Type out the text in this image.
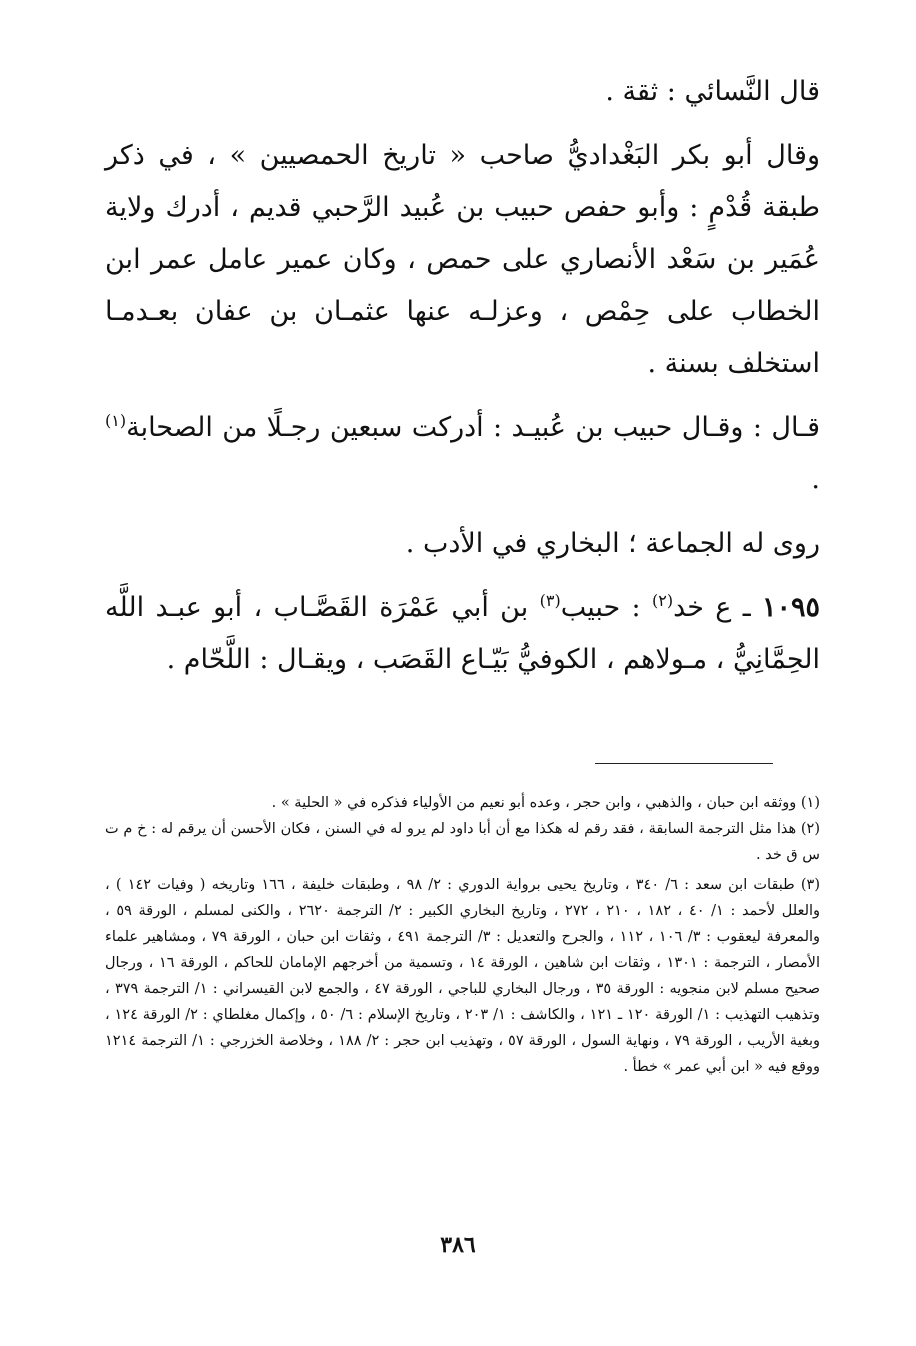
قال النَّسائي : ثقة .

وقال أبو بكر البَغْداديُّ صاحب « تاريخ الحمصيين » ، في ذكر طبقة قُدْمٍ : وأبو حفص حبيب بن عُبيد الرَّحبي قديم ، أدرك ولاية عُمَير بن سَعْد الأنصاري على حمص ، وكان عمير عامل عمر ابن الخطاب على حِمْص ، وعزلـه عنها عثمـان بن عفان بعـدمـا استخلف بسنة .

قـال : وقـال حبيب بن عُبيـد : أدركت سبعين رجـلًا من الصحابة$^{(١)}$ .

روى له الجماعة ؛ البخاري في الأدب .

١٠٩٥ ـ ع خد$^{(٢)}$ : حبيب$^{(٣)}$ بن أبي عَمْرَة القَصَّـاب ، أبو عبـد اللَّه الحِمَّانِيُّ ، مـولاهم ، الكوفيُّ بَيّـاع القَصَب ، ويقـال : اللَّحّام .

(١) ووثقه ابن حبان ، والذهبي ، وابن حجر ، وعده أبو نعيم من الأولياء فذكره في « الحلية » .

(٢) هذا مثل الترجمة السابقة ، فقد رقم له هكذا مع أن أبا داود لم يرو له في السنن ، فكان الأحسن أن يرقم له : خ م ت س ق خد .

(٣) طبقات ابن سعد : ٦/ ٣٤٠ ، وتاريخ يحيى برواية الدوري : ٢/ ٩٨ ، وطبقات خليفة ، ١٦٦ وتاريخه ( وفيات ١٤٢ ) ، والعلل لأحمد : ١/ ٤٠ ، ١٨٢ ، ٢١٠ ، ٢٧٢ ، وتاريخ البخاري الكبير : ٢/ الترجمة ٢٦٢٠ ، والكنى لمسلم ، الورقة ٥٩ ، والمعرفة ليعقوب : ٣/ ١٠٦ ، ١١٢ ، والجرح والتعديل : ٣/ الترجمة ٤٩١ ، وثقات ابن حبان ، الورقة ٧٩ ، ومشاهير علماء الأمصار ، الترجمة : ١٣٠١ ، وثقات ابن شاهين ، الورقة ١٤ ، وتسمية من أخرجهم الإمامان للحاكم ، الورقة ١٦ ، ورجال صحيح مسلم لابن منجويه : الورقة ٣٥ ، ورجال البخاري للباجي ، الورقة ٤٧ ، والجمع لابن القيسراني : ١/ الترجمة ٣٧٩ ، وتذهيب التهذيب : ١/ الورقة ١٢٠ ـ ١٢١ ، والكاشف : ١/ ٢٠٣ ، وتاريخ الإسلام : ٦/ ٥٠ ، وإكمال مغلطاي : ٢/ الورقة ١٢٤ ، وبغية الأريب ، الورقة ٧٩ ، ونهاية السول ، الورقة ٥٧ ، وتهذيب ابن حجر : ٢/ ١٨٨ ، وخلاصة الخزرجي : ١/ الترجمة ١٢١٤ ووقع فيه « ابن أبي عمر » خطأ .

٣٨٦
